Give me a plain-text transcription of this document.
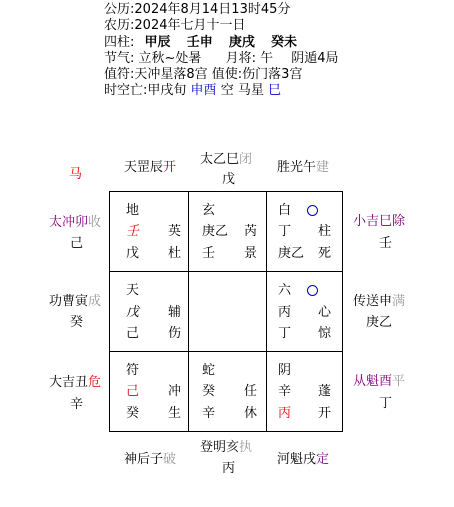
公历:2024年8月14日13时45分
农历:2024年七月十一日
四柱: 甲辰 壬申 庚戌 癸未
节气: 立秋~处暑 月将: 午 阴遁4局
值符:天冲星落8宫 值使:伤门落3宫
时空亡:甲戌旬 申酉 空 马星 巳
马	天罡辰开
太乙巳闭
戊
胜光午建
太冲卯收
己
小吉巳除
壬
功曹寅成
癸
传送申满
庚乙
大吉丑危
辛
从魁酉平
丁
神后子破
登明亥执
丙
河魁戌定
地
壬 英
戊 杜
玄
庚乙 芮
壬 景
白
丁 柱
庚乙 死
天
戊 辅
己 伤
六
丙 心
丁 惊
符
己 冲
癸 生
蛇
癸 任
辛 休
阴
辛 蓬
丙 开
